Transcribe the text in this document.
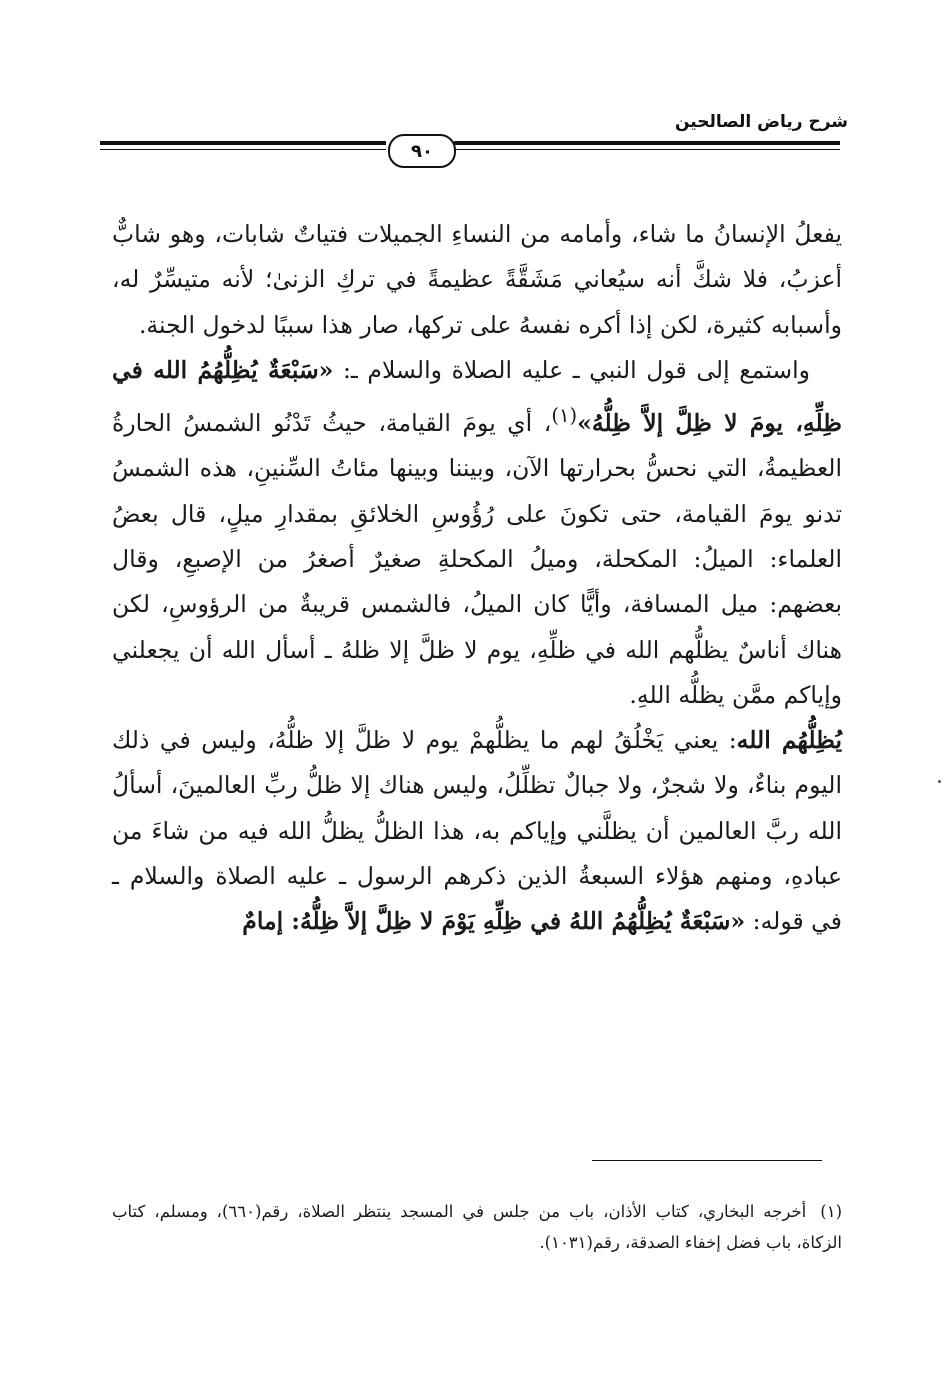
شرح رياض الصالحين
٩٠

يفعلُ الإنسانُ ما شاء، وأمامه من النساءِ الجميلات فتياتٌ شابات، وهو شابٌّ أعزبُ، فلا شكَّ أنه سيُعاني مَشَقَّةً عظيمةً في تركِ الزنىٰ؛ لأنه متيسِّرٌ له، وأسبابه كثيرة، لكن إذا أكره نفسهُ على تركها، صار هذا سببًا لدخول الجنة.

واستمع إلى قول النبي ـ عليه الصلاة والسلام ـ: «سَبْعَةٌ يُظِلُّهُمُ الله في ظِلِّهِ، يومَ لا ظِلَّ إلاَّ ظِلُّهُ»$^{(١)}$، أي يومَ القيامة، حيثُ تَدْنُو الشمسُ الحارةُ العظيمةُ، التي نحسُّ بحرارتها الآن، وبيننا وبينها مئاتُ السِّنينِ، هذه الشمسُ تدنو يومَ القيامة، حتى تكونَ على رُؤُوسِ الخلائقِ بمقدارِ ميلٍ، قال بعضُ العلماء: الميلُ: المكحلة، وميلُ المكحلةِ صغيرٌ أصغرُ من الإصبعِ، وقال بعضهم: ميل المسافة، وأيًّا كان الميلُ، فالشمس قريبةٌ من الرؤوسِ، لكن هناك أناسٌ يظلُّهم الله في ظلِّهِ، يوم لا ظلَّ إلا ظلهُ ـ أسأل الله أن يجعلني وإياكم ممَّن يظلُّه اللهِ.

يُظِلُّهُم الله: يعني يَخْلُقُ لهم ما يظلُّهمْ يوم لا ظلَّ إلا ظلُّهُ، وليس في ذلك اليوم بناءٌ، ولا شجرٌ، ولا جبالٌ تظلِّلُ، وليس هناك إلا ظلُّ ربِّ العالمينَ، أسألُ الله ربَّ العالمين أن يظلَّني وإياكم به، هذا الظلُّ يظلُّ الله فيه من شاءَ من عبادهِ، ومنهم هؤلاء السبعةُ الذين ذكرهم الرسول ـ عليه الصلاة والسلام ـ في قوله: «سَبْعَةٌ يُظِلُّهُمُ اللهُ في ظِلِّهِ يَوْمَ لا ظِلَّ إلاَّ ظِلُّهُ: إمامٌ

(١)أخرجه البخاري، كتاب الأذان، باب من جلس في المسجد ينتظر الصلاة، رقم(٦٦٠)، ومسلم، كتاب الزكاة، باب فضل إخفاء الصدقة، رقم(١٠٣١).
